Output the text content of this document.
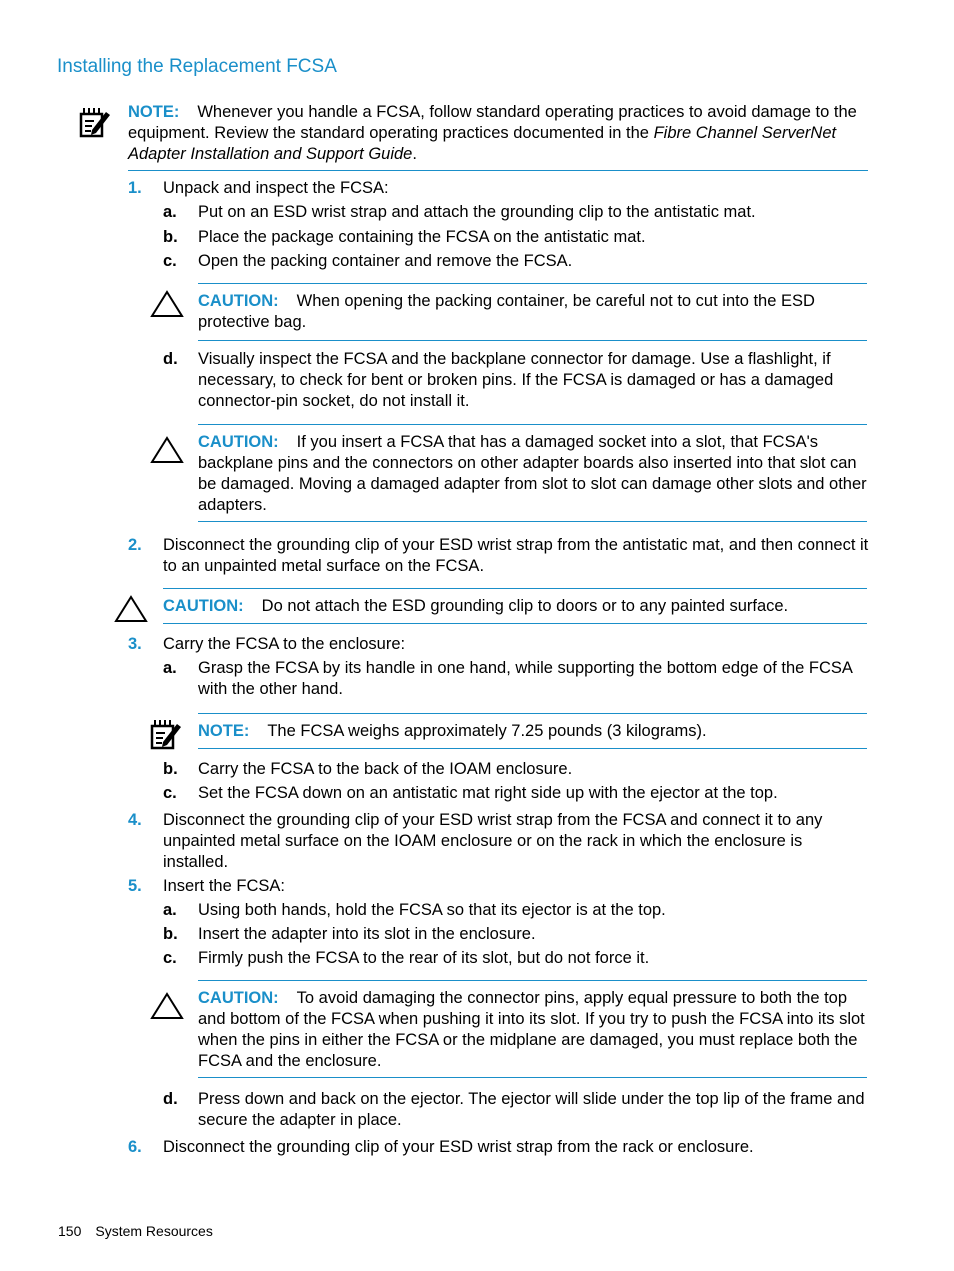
Installing the Replacement FCSA
NOTE: Whenever you handle a FCSA, follow standard operating practices to avoid damage to the equipment. Review the standard operating practices documented in the Fibre Channel ServerNet Adapter Installation and Support Guide.
1. Unpack and inspect the FCSA:
a. Put on an ESD wrist strap and attach the grounding clip to the antistatic mat.
b. Place the package containing the FCSA on the antistatic mat.
c. Open the packing container and remove the FCSA.
CAUTION: When opening the packing container, be careful not to cut into the ESD protective bag.
d. Visually inspect the FCSA and the backplane connector for damage. Use a flashlight, if necessary, to check for bent or broken pins. If the FCSA is damaged or has a damaged connector-pin socket, do not install it.
CAUTION: If you insert a FCSA that has a damaged socket into a slot, that FCSA's backplane pins and the connectors on other adapter boards also inserted into that slot can be damaged. Moving a damaged adapter from slot to slot can damage other slots and other adapters.
2. Disconnect the grounding clip of your ESD wrist strap from the antistatic mat, and then connect it to an unpainted metal surface on the FCSA.
CAUTION: Do not attach the ESD grounding clip to doors or to any painted surface.
3. Carry the FCSA to the enclosure:
a. Grasp the FCSA by its handle in one hand, while supporting the bottom edge of the FCSA with the other hand.
NOTE: The FCSA weighs approximately 7.25 pounds (3 kilograms).
b. Carry the FCSA to the back of the IOAM enclosure.
c. Set the FCSA down on an antistatic mat right side up with the ejector at the top.
4. Disconnect the grounding clip of your ESD wrist strap from the FCSA and connect it to any unpainted metal surface on the IOAM enclosure or on the rack in which the enclosure is installed.
5. Insert the FCSA:
a. Using both hands, hold the FCSA so that its ejector is at the top.
b. Insert the adapter into its slot in the enclosure.
c. Firmly push the FCSA to the rear of its slot, but do not force it.
CAUTION: To avoid damaging the connector pins, apply equal pressure to both the top and bottom of the FCSA when pushing it into its slot. If you try to push the FCSA into its slot when the pins in either the FCSA or the midplane are damaged, you must replace both the FCSA and the enclosure.
d. Press down and back on the ejector. The ejector will slide under the top lip of the frame and secure the adapter in place.
6. Disconnect the grounding clip of your ESD wrist strap from the rack or enclosure.
150 System Resources
